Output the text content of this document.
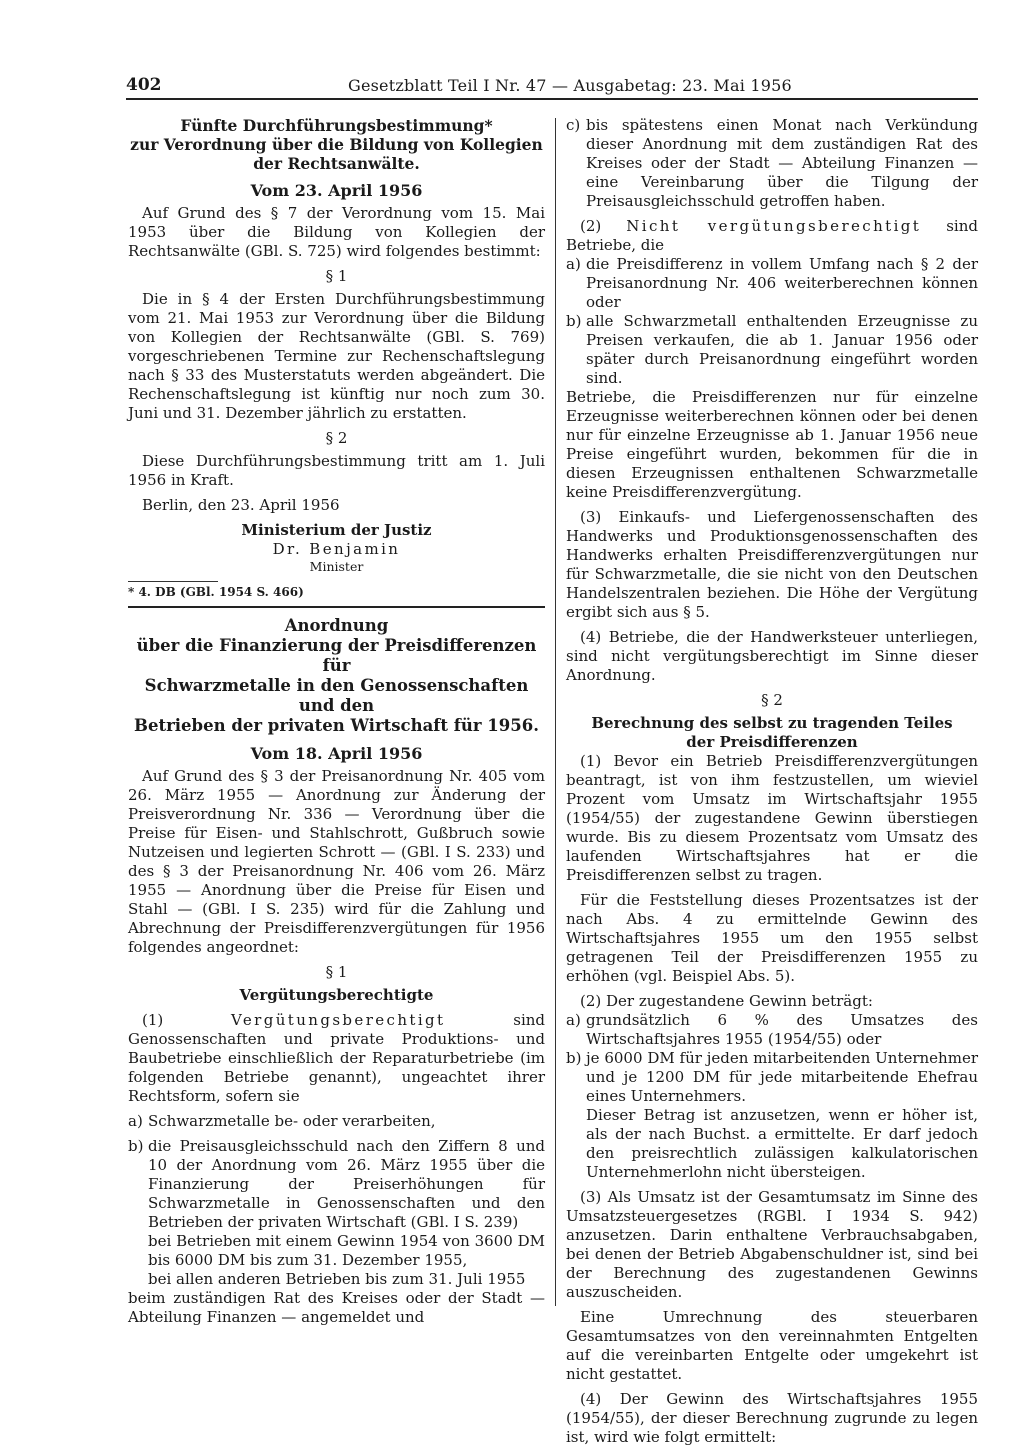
402	Gesetzblatt Teil I Nr. 47 — Ausgabetag: 23. Mai 1956
Fünfte Durchführungsbestimmung*
zur Verordnung über die Bildung von Kollegien
der Rechtsanwälte.
Vom 23. April 1956

Auf Grund des § 7 der Verordnung vom 15. Mai 1953 über die Bildung von Kollegien der Rechtsanwälte (GBl. S. 725) wird folgendes bestimmt:

§ 1

Die in § 4 der Ersten Durchführungsbestimmung vom 21. Mai 1953 zur Verordnung über die Bildung von Kollegien der Rechtsanwälte (GBl. S. 769) vorgeschriebenen Termine zur Rechenschaftslegung nach § 33 des Musterstatuts werden abgeändert. Die Rechenschaftslegung ist künftig nur noch zum 30. Juni und 31. Dezember jährlich zu erstatten.

§ 2

Diese Durchführungsbestimmung tritt am 1. Juli 1956 in Kraft.

Berlin, den 23. April 1956

Ministerium der Justiz
Dr. Benjamin
Minister
* 4. DB (GBl. 1954 S. 466)
Anordnung
über die Finanzierung der Preisdifferenzen für
Schwarzmetalle in den Genossenschaften und den
Betrieben der privaten Wirtschaft für 1956.
Vom 18. April 1956

Auf Grund des § 3 der Preisanordnung Nr. 405 vom 26. März 1955 — Anordnung zur Änderung der Preisverordnung Nr. 336 — Verordnung über die Preise für Eisen- und Stahlschrott, Gußbruch sowie Nutzeisen und legierten Schrott — (GBl. I S. 233) und des § 3 der Preisanordnung Nr. 406 vom 26. März 1955 — Anordnung über die Preise für Eisen und Stahl — (GBl. I S. 235) wird für die Zahlung und Abrechnung der Preisdifferenzvergütungen für 1956 folgendes angeordnet:

§ 1
Vergütungsberechtigte

(1) Vergütungsberechtigt sind Genossenschaften und private Produktions- und Baubetriebe einschließlich der Reparaturbetriebe (im folgenden Betriebe genannt), ungeachtet ihrer Rechtsform, sofern sie

a) Schwarzmetalle be- oder verarbeiten,
b) die Preisausgleichsschuld nach den Ziffern 8 und 10 der Anordnung vom 26. März 1955 über die Finanzierung der Preiserhöhungen für Schwarzmetalle in Genossenschaften und den Betrieben der privaten Wirtschaft (GBl. I S. 239)

bei Betrieben mit einem Gewinn 1954 von 3600 DM bis 6000 DM bis zum 31. Dezember 1955,

bei allen anderen Betrieben bis zum 31. Juli 1955

beim zuständigen Rat des Kreises oder der Stadt — Abteilung Finanzen — angemeldet und

c) bis spätestens einen Monat nach Verkündung dieser Anordnung mit dem zuständigen Rat des Kreises oder der Stadt — Abteilung Finanzen — eine Vereinbarung über die Tilgung der Preisausgleichsschuld getroffen haben.

(2) Nicht vergütungsberechtigt sind Betriebe, die

a) die Preisdifferenz in vollem Umfang nach § 2 der Preisanordnung Nr. 406 weiterberechnen können oder
b) alle Schwarzmetall enthaltenden Erzeugnisse zu Preisen verkaufen, die ab 1. Januar 1956 oder später durch Preisanordnung eingeführt worden sind.

Betriebe, die Preisdifferenzen nur für einzelne Erzeugnisse weiterberechnen können oder bei denen nur für einzelne Erzeugnisse ab 1. Januar 1956 neue Preise eingeführt wurden, bekommen für die in diesen Erzeugnissen enthaltenen Schwarzmetalle keine Preisdifferenzvergütung.

(3) Einkaufs- und Liefergenossenschaften des Handwerks und Produktionsgenossenschaften des Handwerks erhalten Preisdifferenzvergütungen nur für Schwarzmetalle, die sie nicht von den Deutschen Handelszentralen beziehen. Die Höhe der Vergütung ergibt sich aus § 5.

(4) Betriebe, die der Handwerksteuer unterliegen, sind nicht vergütungsberechtigt im Sinne dieser Anordnung.

§ 2
Berechnung des selbst zu tragenden Teiles
der Preisdifferenzen

(1) Bevor ein Betrieb Preisdifferenzvergütungen beantragt, ist von ihm festzustellen, um wieviel Prozent vom Umsatz im Wirtschaftsjahr 1955 (1954/55) der zugestandene Gewinn überstiegen wurde. Bis zu diesem Prozentsatz vom Umsatz des laufenden Wirtschaftsjahres hat er die Preisdifferenzen selbst zu tragen.

Für die Feststellung dieses Prozentsatzes ist der nach Abs. 4 zu ermittelnde Gewinn des Wirtschaftsjahres 1955 um den 1955 selbst getragenen Teil der Preisdifferenzen 1955 zu erhöhen (vgl. Beispiel Abs. 5).

(2) Der zugestandene Gewinn beträgt:

a) grundsätzlich 6 % des Umsatzes des Wirtschaftsjahres 1955 (1954/55) oder
b) je 6000 DM für jeden mitarbeitenden Unternehmer und je 1200 DM für jede mitarbeitende Ehefrau eines Unternehmers.

Dieser Betrag ist anzusetzen, wenn er höher ist, als der nach Buchst. a ermittelte. Er darf jedoch den preisrechtlich zulässigen kalkulatorischen Unternehmerlohn nicht übersteigen.

(3) Als Umsatz ist der Gesamtumsatz im Sinne des Umsatzsteuergesetzes (RGBl. I 1934 S. 942) anzusetzen. Darin enthaltene Verbrauchsabgaben, bei denen der Betrieb Abgabenschuldner ist, sind bei der Berechnung des zugestandenen Gewinns auszuscheiden.

Eine Umrechnung des steuerbaren Gesamtumsatzes von den vereinnahmten Entgelten auf die vereinbarten Entgelte oder umgekehrt ist nicht gestattet.

(4) Der Gewinn des Wirtschaftsjahres 1955 (1954/55), der dieser Berechnung zugrunde zu legen ist, wird wie folgt ermittelt:
